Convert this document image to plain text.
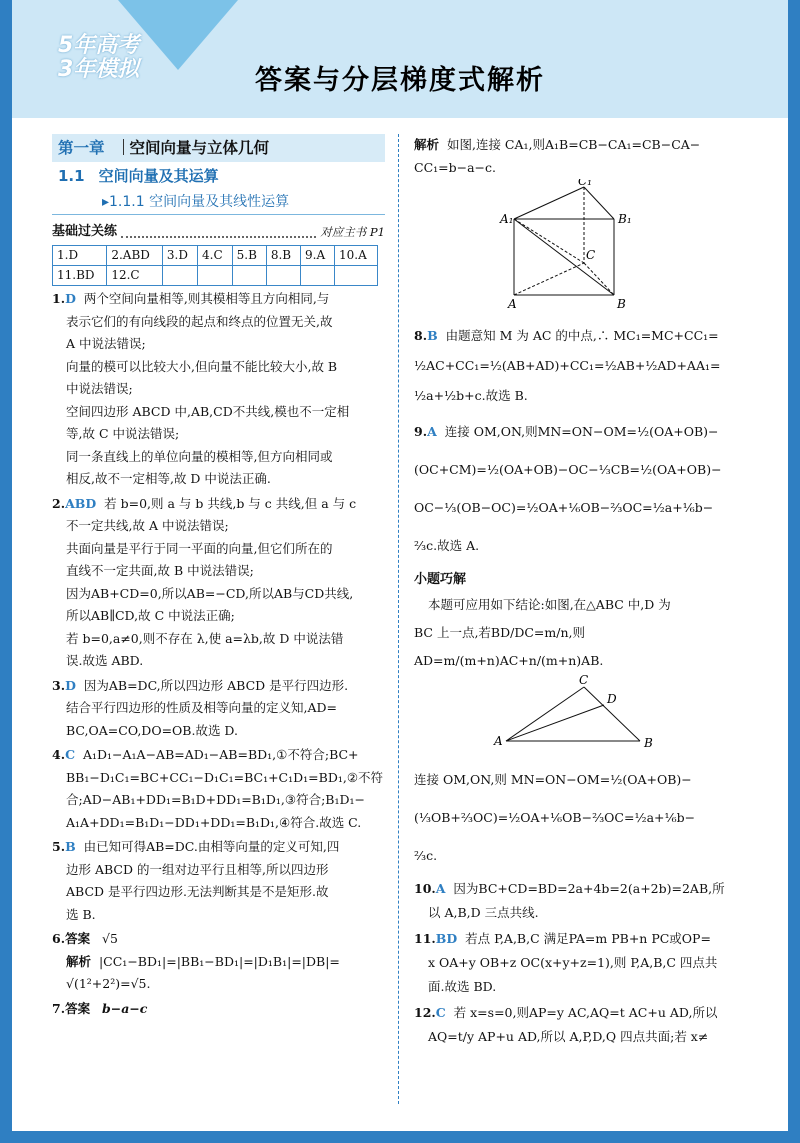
5年高考
3年模拟	答案与分层梯度式解析
第一章 空间向量与立体几何
1.1 空间向量及其运算
▸1.1.1 空间向量及其线性运算
基础过关练	对应主书 P1
1.D	2.ABD	3.D	4.C	5.B	8.B	9.A	10.A
11.BD	12.C						
1.D 两个空间向量相等,则其模相等且方向相同,与
表示它们的有向线段的起点和终点的位置无关,故
A 中说法错误;
向量的模可以比较大小,但向量不能比较大小,故 B
中说法错误;
空间四边形 ABCD 中,AB,CD不共线,模也不一定相
等,故 C 中说法错误;
同一条直线上的单位向量的模相等,但方向相同或
相反,故不一定相等,故 D 中说法正确.
2.ABD 若 b=0,则 a 与 b 共线,b 与 c 共线,但 a 与 c
不一定共线,故 A 中说法错误;
共面向量是平行于同一平面的向量,但它们所在的
直线不一定共面,故 B 中说法错误;
因为AB+CD=0,所以AB=−CD,所以AB与CD共线,
所以AB∥CD,故 C 中说法正确;
若 b=0,a≠0,则不存在 λ,使 a=λb,故 D 中说法错
误.故选 ABD.
3.D 因为AB=DC,所以四边形 ABCD 是平行四边形.
结合平行四边形的性质及相等向量的定义知,AD=
BC,OA=CO,DO=OB.故选 D.
4.C A₁D₁−A₁A−AB=AD₁−AB=BD₁,①不符合;BC+
BB₁−D₁C₁=BC+CC₁−D₁C₁=BC₁+C₁D₁=BD₁,②不符
合;AD−AB₁+DD₁=B₁D+DD₁=B₁D₁,③符合;B₁D₁−
A₁A+DD₁=B₁D₁−DD₁+DD₁=B₁D₁,④符合.故选 C.
5.B 由已知可得AB=DC.由相等向量的定义可知,四
边形 ABCD 的一组对边平行且相等,所以四边形
ABCD 是平行四边形.无法判断其是不是矩形.故
选 B.
6.答案 √5
解析 |CC₁−BD₁|=|BB₁−BD₁|=|D₁B₁|=|DB|=
√(1²+2²)=√5.
7.答案 b−a−c
解析 如图,连接 CA₁,则A₁B=CB−CA₁=CB−CA−
CC₁=b−a−c.
A₁	B₁
C₁
A	B
C
8.B 由题意知 M 为 AC 的中点,∴ MC₁=MC+CC₁=
½AC+CC₁=½(AB+AD)+CC₁=½AB+½AD+AA₁=
½a+½b+c.故选 B.
9.A 连接 OM,ON,则MN=ON−OM=½(OA+OB)−
(OC+CM)=½(OA+OB)−OC−⅓CB=½(OA+OB)−
OC−⅓(OB−OC)=½OA+⅙OB−⅔OC=½a+⅙b−
⅔c.故选 A.
小题巧解
本题可应用如下结论:如图,在△ABC 中,D 为
BC 上一点,若BD/DC=m/n,则AD=m/(m+n)AC+n/(m+n)AB.
A	B
C
D
连接 OM,ON,则 MN=ON−OM=½(OA+OB)−
(⅓OB+⅔OC)=½OA+⅙OB−⅔OC=½a+⅙b−
⅔c.
10.A 因为BC+CD=BD=2a+4b=2(a+2b)=2AB,所
以 A,B,D 三点共线.
11.BD 若点 P,A,B,C 满足PA=m PB+n PC或OP=
x OA+y OB+z OC(x+y+z=1),则 P,A,B,C 四点共
面.故选 BD.
12.C 若 x=s=0,则AP=y AC,AQ=t AC+u AD,所以
AQ=t/y AP+u AD,所以 A,P,D,Q 四点共面;若 x≠
